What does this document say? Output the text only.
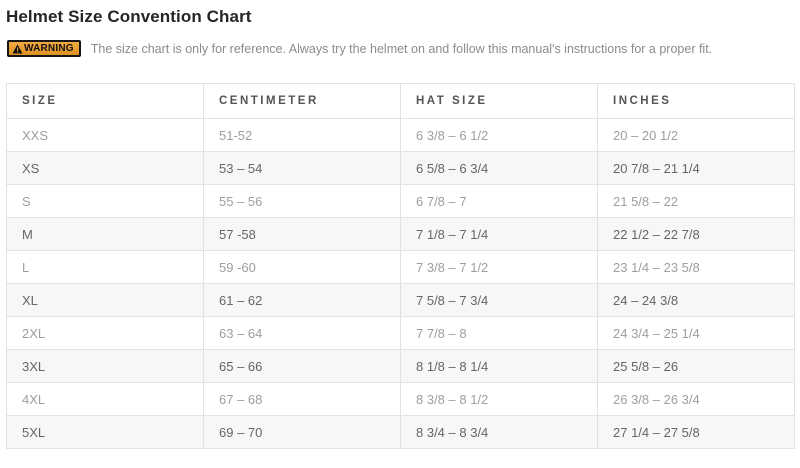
Helmet Size Convention Chart
WARNING The size chart is only for reference. Always try the helmet on and follow this manual's instructions for a proper fit.
SIZE	CENTIMETER	HAT SIZE	INCHES
XXS	51-52	6 3/8 – 6 1/2	20 – 20 1/2
XS	53 – 54	6 5/8 – 6 3/4	20 7/8 – 21 1/4
S	55 – 56	6 7/8 – 7	21 5/8 – 22
M	57 -58	7 1/8 – 7 1/4	22 1/2 – 22 7/8
L	59 -60	7 3/8 – 7 1/2	23 1/4 – 23 5/8
XL	61 – 62	7 5/8 – 7 3/4	24 – 24 3/8
2XL	63 – 64	7 7/8 – 8	24 3/4 – 25 1/4
3XL	65 – 66	8 1/8 – 8 1/4	25 5/8 – 26
4XL	67 – 68	8 3/8 – 8 1/2	26 3/8 – 26 3/4
5XL	69 – 70	8 3/4 – 8 3/4	27 1/4 – 27 5/8
